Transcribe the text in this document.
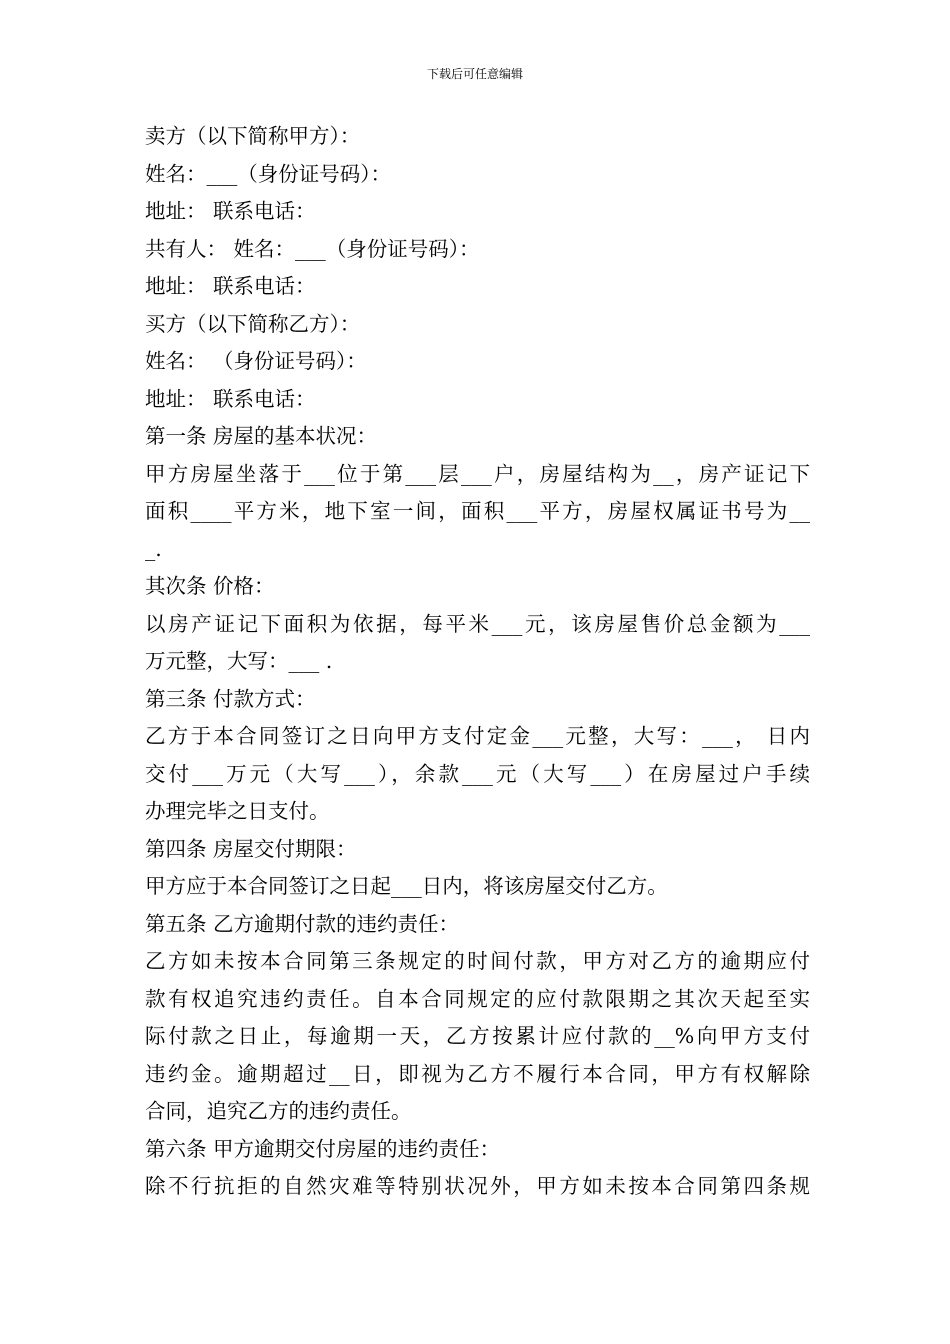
下载后可任意编辑
卖方（以下简称甲方）：
姓名：___（身份证号码）：
地址： 联系电话：
共有人： 姓名：___（身份证号码）：
地址： 联系电话：
买方（以下简称乙方）：
姓名： （身份证号码）：
地址： 联系电话：
第一条 房屋的基本状况：
甲方房屋坐落于___位于第___层___户，房屋结构为__，房产证记下
面积____平方米，地下室一间，面积___平方，房屋权属证书号为__
_.
其次条 价格：
以房产证记下面积为依据，每平米___元，该房屋售价总金额为___
万元整，大写：___ .
第三条 付款方式：
乙方于本合同签订之日向甲方支付定金___元整，大写：___， 日内
交付___万元（大写___），余款___元（大写___）在房屋过户手续
办理完毕之日支付。
第四条 房屋交付期限：
甲方应于本合同签订之日起___日内，将该房屋交付乙方。
第五条 乙方逾期付款的违约责任：
乙方如未按本合同第三条规定的时间付款，甲方对乙方的逾期应付
款有权追究违约责任。自本合同规定的应付款限期之其次天起至实
际付款之日止，每逾期一天，乙方按累计应付款的__%向甲方支付
违约金。逾期超过__日，即视为乙方不履行本合同，甲方有权解除
合同，追究乙方的违约责任。
第六条 甲方逾期交付房屋的违约责任：
除不行抗拒的自然灾难等特别状况外，甲方如未按本合同第四条规
